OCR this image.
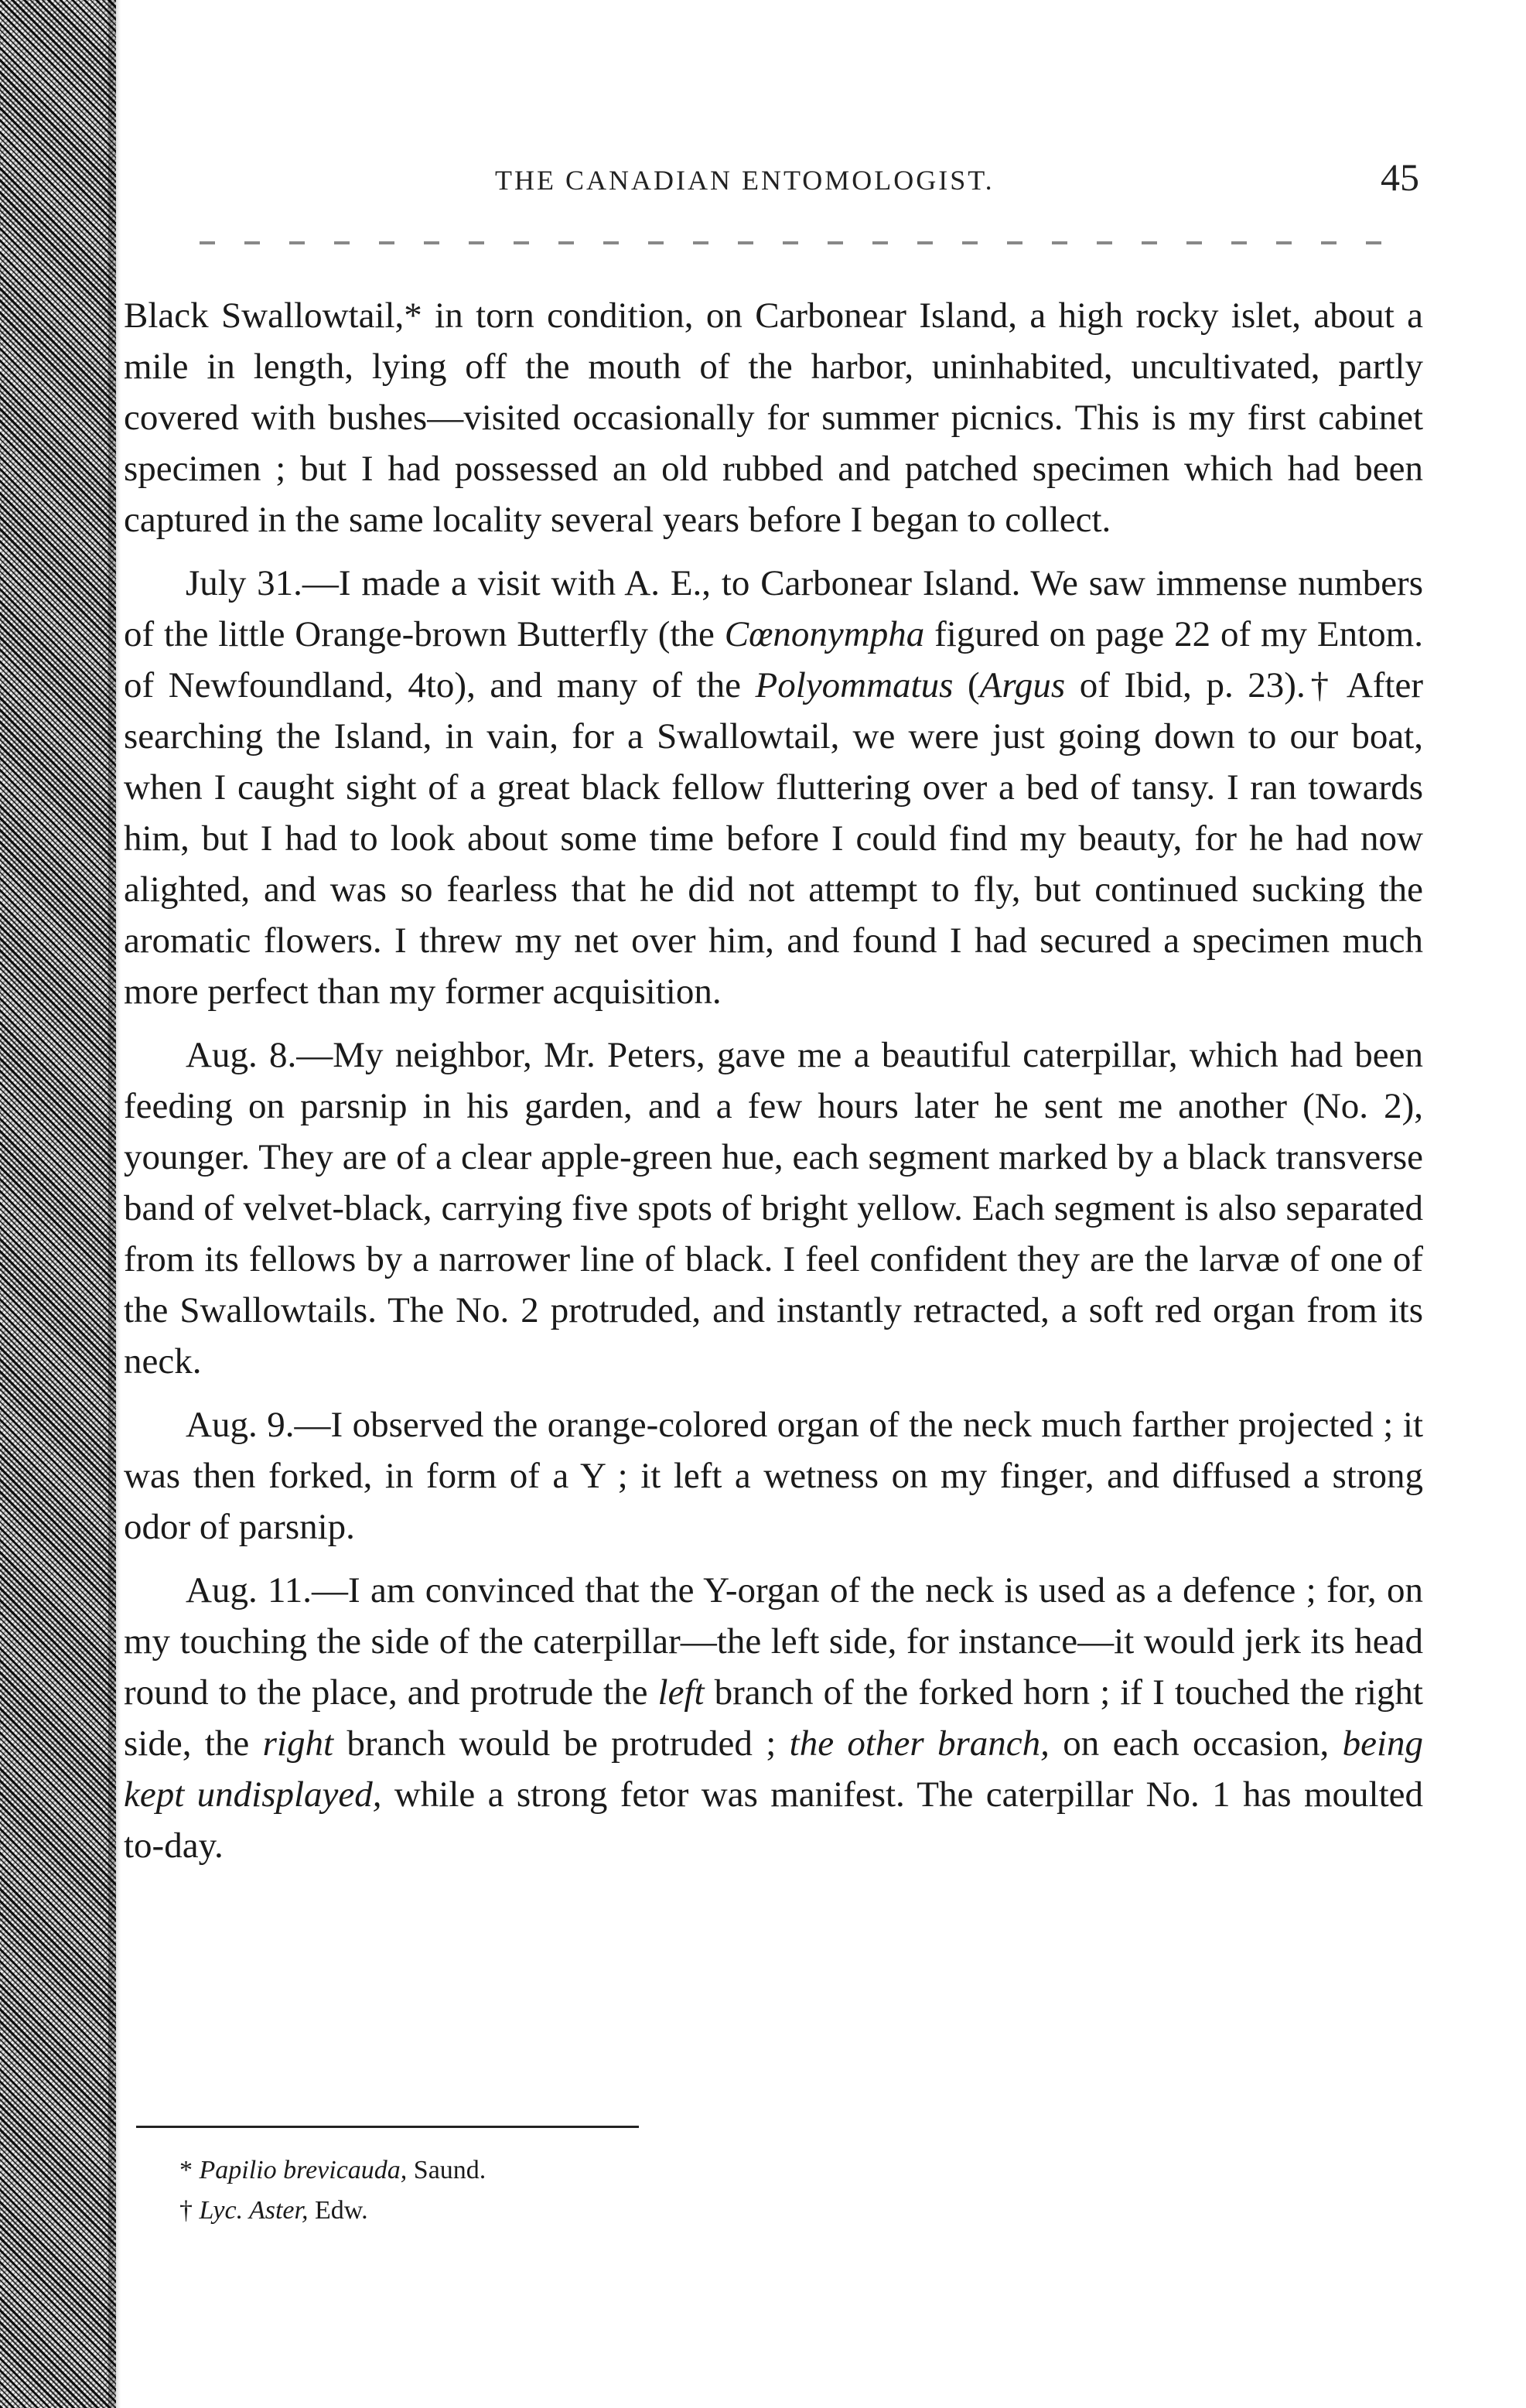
THE CANADIAN ENTOMOLOGIST.	45

Black Swallowtail,* in torn condition, on Carbonear Island, a high rocky islet, about a mile in length, lying off the mouth of the harbor, uninhabited, uncultivated, partly covered with bushes—visited occasionally for summer picnics. This is my first cabinet specimen ; but I had possessed an old rubbed and patched specimen which had been captured in the same locality several years before I began to collect.

July 31.—I made a visit with A. E., to Carbonear Island. We saw immense numbers of the little Orange-brown Butterfly (the Cœnonympha figured on page 22 of my Entom. of Newfoundland, 4to), and many of the Polyommatus (Argus of Ibid, p. 23).† After searching the Island, in vain, for a Swallowtail, we were just going down to our boat, when I caught sight of a great black fellow fluttering over a bed of tansy. I ran towards him, but I had to look about some time before I could find my beauty, for he had now alighted, and was so fearless that he did not attempt to fly, but continued sucking the aromatic flowers. I threw my net over him, and found I had secured a specimen much more perfect than my former acquisition.

Aug. 8.—My neighbor, Mr. Peters, gave me a beautiful caterpillar, which had been feeding on parsnip in his garden, and a few hours later he sent me another (No. 2), younger. They are of a clear apple-green hue, each segment marked by a black transverse band of velvet-black, carrying five spots of bright yellow. Each segment is also separated from its fellows by a narrower line of black. I feel confident they are the larvæ of one of the Swallowtails. The No. 2 protruded, and instantly retracted, a soft red organ from its neck.

Aug. 9.—I observed the orange-colored organ of the neck much farther projected ; it was then forked, in form of a Y ; it left a wetness on my finger, and diffused a strong odor of parsnip.

Aug. 11.—I am convinced that the Y-organ of the neck is used as a defence ; for, on my touching the side of the caterpillar—the left side, for instance—it would jerk its head round to the place, and protrude the left branch of the forked horn ; if I touched the right side, the right branch would be protruded ; the other branch, on each occasion, being kept undisplayed, while a strong fetor was manifest. The caterpillar No. 1 has moulted to-day.

* Papilio brevicauda, Saund.
† Lyc. Aster, Edw.
